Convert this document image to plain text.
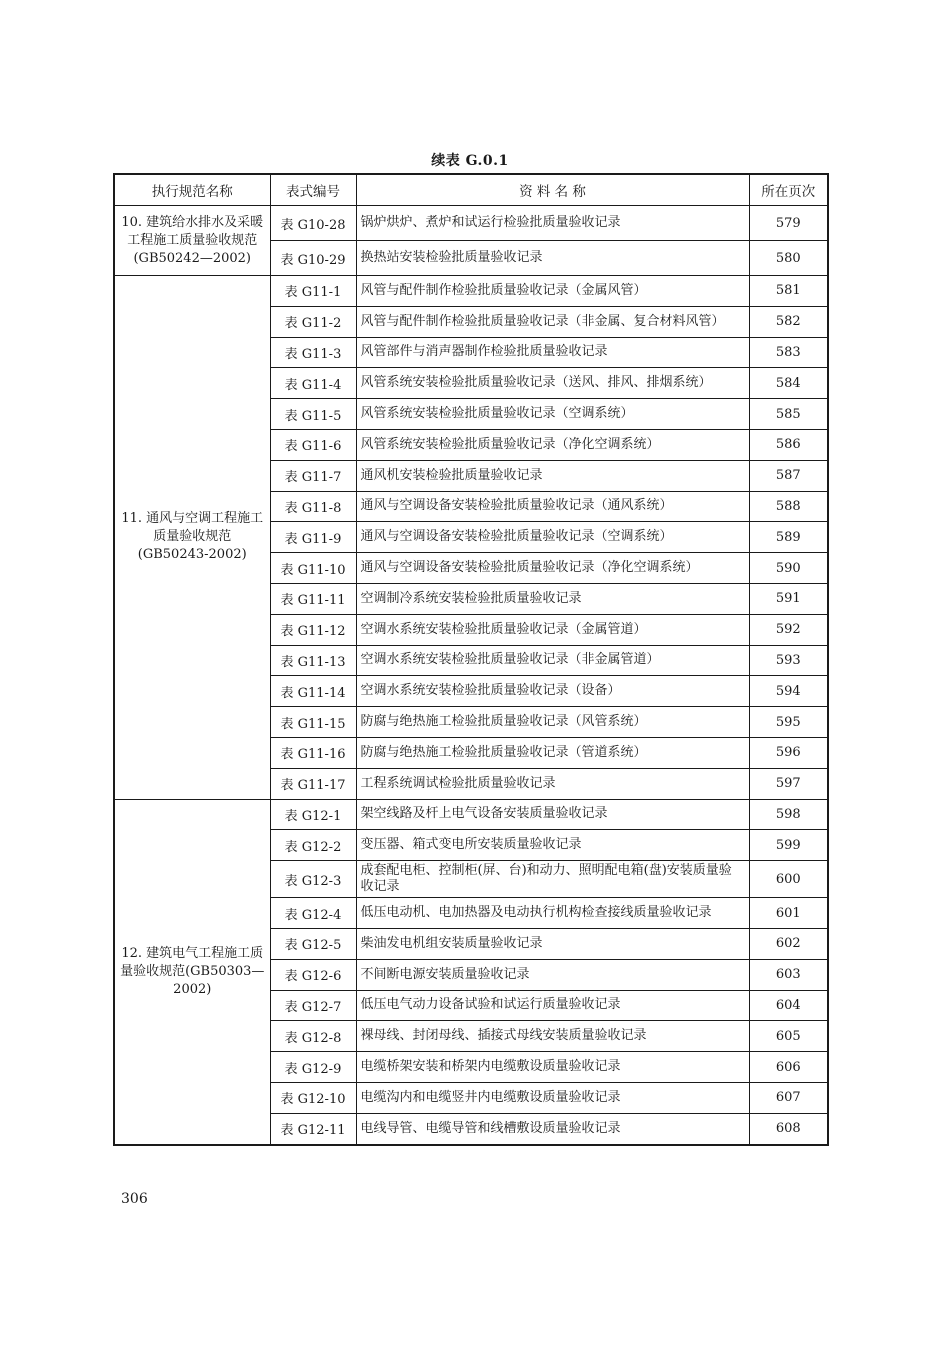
续表 G.0.1
执行规范名称	表式编号	资 料 名 称	所在页次
10. 建筑给水排水及采暖工程施工质量验收规范(GB50242—2002)	表 G10-28	锅炉烘炉、煮炉和试运行检验批质量验收记录	579
	表 G10-29	换热站安装检验批质量验收记录	580
11. 通风与空调工程施工质量验收规范(GB50243-2002)	表 G11-1	风管与配件制作检验批质量验收记录（金属风管）	581
	表 G11-2	风管与配件制作检验批质量验收记录（非金属、复合材料风管）	582
	表 G11-3	风管部件与消声器制作检验批质量验收记录	583
	表 G11-4	风管系统安装检验批质量验收记录（送风、排风、排烟系统）	584
	表 G11-5	风管系统安装检验批质量验收记录（空调系统）	585
	表 G11-6	风管系统安装检验批质量验收记录（净化空调系统）	586
	表 G11-7	通风机安装检验批质量验收记录	587
	表 G11-8	通风与空调设备安装检验批质量验收记录（通风系统）	588
	表 G11-9	通风与空调设备安装检验批质量验收记录（空调系统）	589
	表 G11-10	通风与空调设备安装检验批质量验收记录（净化空调系统）	590
	表 G11-11	空调制冷系统安装检验批质量验收记录	591
	表 G11-12	空调水系统安装检验批质量验收记录（金属管道）	592
	表 G11-13	空调水系统安装检验批质量验收记录（非金属管道）	593
	表 G11-14	空调水系统安装检验批质量验收记录（设备）	594
	表 G11-15	防腐与绝热施工检验批质量验收记录（风管系统）	595
	表 G11-16	防腐与绝热施工检验批质量验收记录（管道系统）	596
	表 G11-17	工程系统调试检验批质量验收记录	597
12. 建筑电气工程施工质量验收规范(GB50303—2002)	表 G12-1	架空线路及杆上电气设备安装质量验收记录	598
	表 G12-2	变压器、箱式变电所安装质量验收记录	599
	表 G12-3	成套配电柜、控制柜(屏、台)和动力、照明配电箱(盘)安装质量验收记录	600
	表 G12-4	低压电动机、电加热器及电动执行机构检查接线质量验收记录	601
	表 G12-5	柴油发电机组安装质量验收记录	602
	表 G12-6	不间断电源安装质量验收记录	603
	表 G12-7	低压电气动力设备试验和试运行质量验收记录	604
	表 G12-8	裸母线、封闭母线、插接式母线安装质量验收记录	605
	表 G12-9	电缆桥架安装和桥架内电缆敷设质量验收记录	606
	表 G12-10	电缆沟内和电缆竖井内电缆敷设质量验收记录	607
	表 G12-11	电线导管、电缆导管和线槽敷设质量验收记录	608
306
